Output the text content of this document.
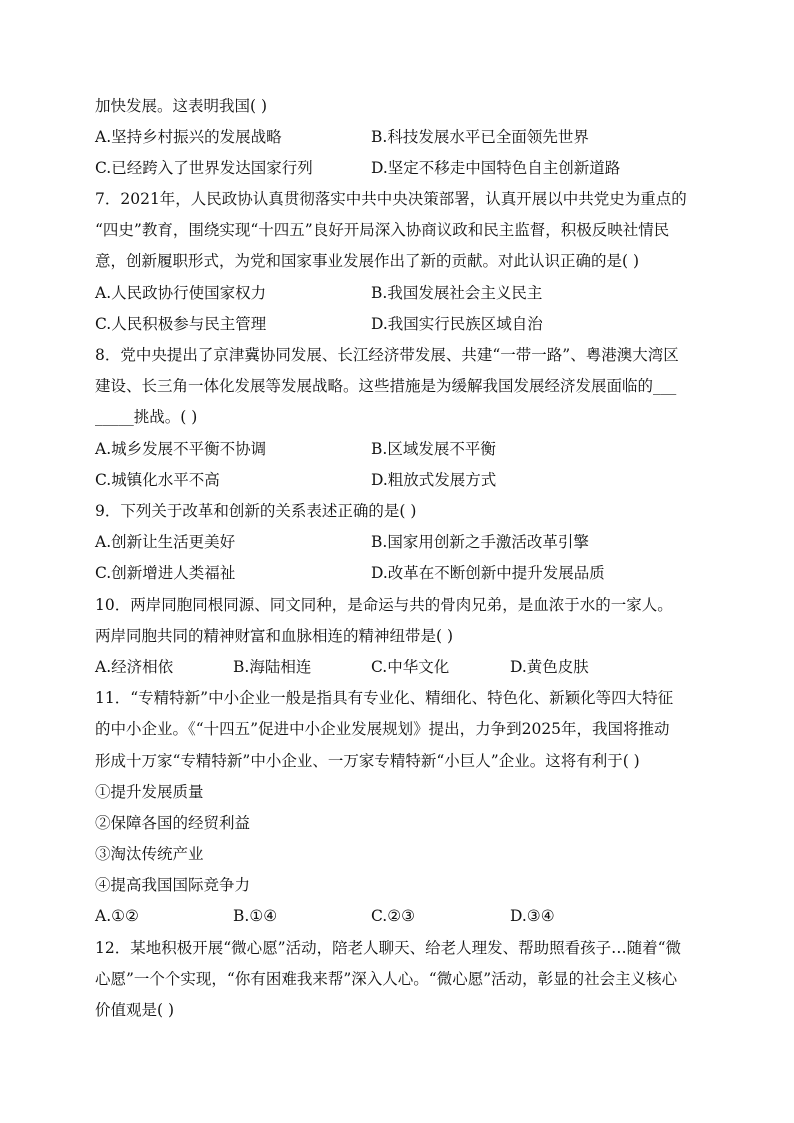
加快发展。这表明我国( )
A.坚持乡村振兴的发展战略	B.科技发展水平已全面领先世界
C.已经跨入了世界发达国家行列	D.坚定不移走中国特色自主创新道路
7．2021年，人民政协认真贯彻落实中共中央决策部署，认真开展以中共党史为重点的
“四史”教育，围绕实现“十四五”良好开局深入协商议政和民主监督，积极反映社情民
意，创新履职形式，为党和国家事业发展作出了新的贡献。对此认识正确的是( )
A.人民政协行使国家权力	B.我国发展社会主义民主
C.人民积极参与民主管理	D.我国实行民族区域自治
8．党中央提出了京津冀协同发展、长江经济带发展、共建“一带一路”、粤港澳大湾区
建设、长三角一体化发展等发展战略。这些措施是为缓解我国发展经济发展面临的___
_____挑战。( )
A.城乡发展不平衡不协调	B.区域发展不平衡
C.城镇化水平不高	D.粗放式发展方式
9．下列关于改革和创新的关系表述正确的是( )
A.创新让生活更美好	B.国家用创新之手激活改革引擎
C.创新增进人类福祉	D.改革在不断创新中提升发展品质
10．两岸同胞同根同源、同文同种，是命运与共的骨肉兄弟，是血浓于水的一家人。
两岸同胞共同的精神财富和血脉相连的精神纽带是( )
A.经济相依	B.海陆相连	C.中华文化	D.黄色皮肤
11．“专精特新”中小企业一般是指具有专业化、精细化、特色化、新颖化等四大特征
的中小企业。《“十四五”促进中小企业发展规划》提出，力争到2025年，我国将推动
形成十万家“专精特新”中小企业、一万家专精特新“小巨人”企业。这将有利于( )
①提升发展质量
②保障各国的经贸利益
③淘汰传统产业
④提高我国国际竞争力
A.①②	B.①④	C.②③	D.③④
12．某地积极开展“微心愿”活动，陪老人聊天、给老人理发、帮助照看孩子…随着“微
心愿”一个个实现，“你有困难我来帮”深入人心。“微心愿”活动，彰显的社会主义核心
价值观是( )
